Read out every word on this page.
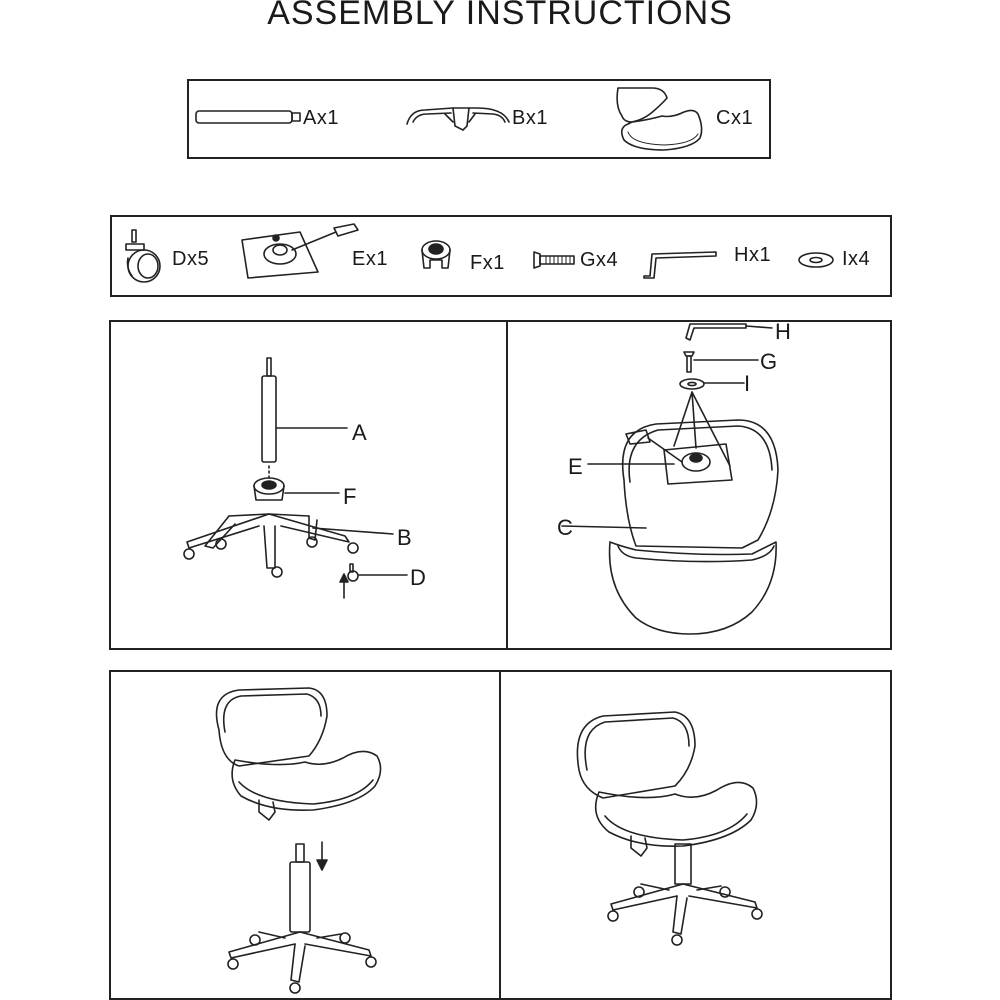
ASSEMBLY INSTRUCTIONS
Ax1	Bx1	Cx1
Dx5	Ex1	Fx1	Gx4	Hx1	Ix4
A
F
B
D
H
G
I
E
C
